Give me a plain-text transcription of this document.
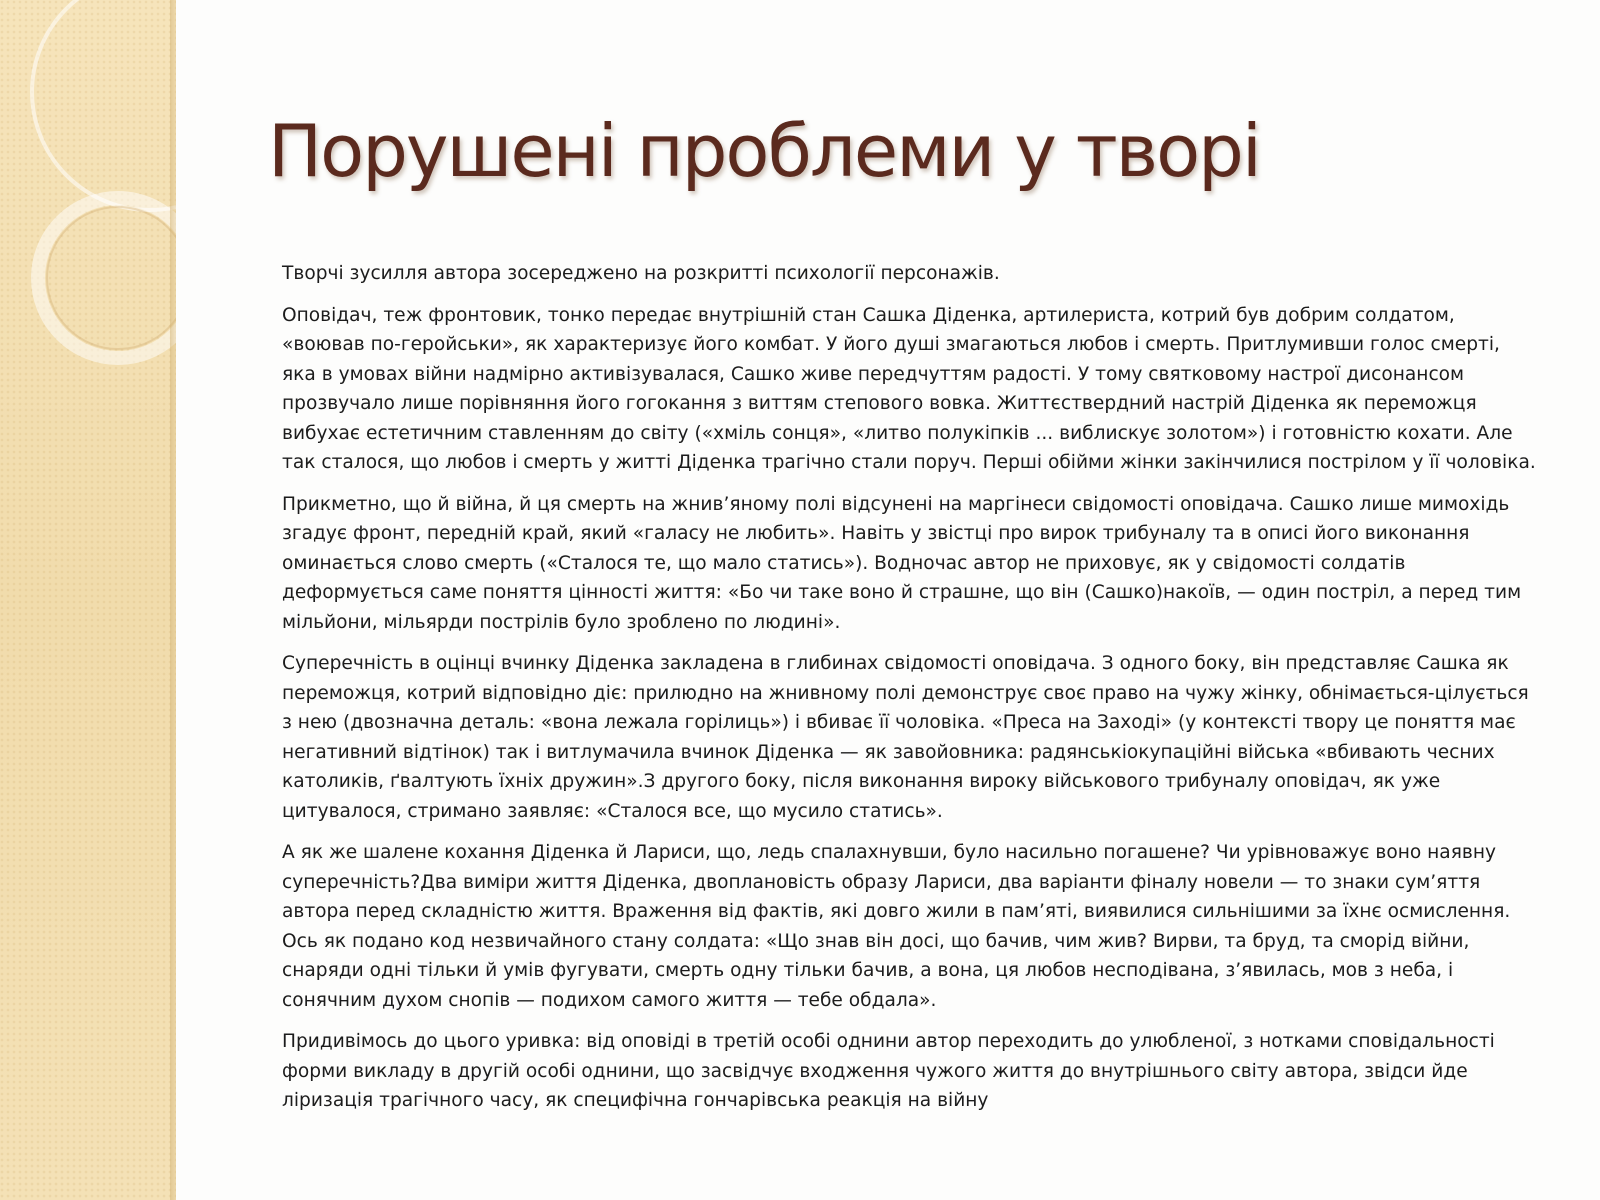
Порушені проблеми у творі

Творчі зусилля автора зосереджено на розкритті психології персонажів.

Оповідач, теж фронтовик, тонко передає внутрішній стан Сашка Діденка, артилериста, котрий був добрим солдатом, «воював по-геройськи», як характеризує його комбат. У його душі змагаються любов і смерть. Притлумивши голос смерті, яка в умовах війни надмірно активізувалася, Сашко живе передчуттям радості. У тому святковому настрої дисонансом прозвучало лише порівняння його гогокання з виттям степового вовка. Життєствердний настрій Діденка як переможця вибухає естетичним ставленням до світу («хміль сонця», «литво полукіпків ... виблискує золотом») і готовністю кохати. Але так сталося, що любов і смерть у житті Діденка трагічно стали поруч. Перші обійми жінки закінчилися пострілом у її чоловіка.

Прикметно, що й війна, й ця смерть на жнив’яному полі відсунені на маргінеси свідомості оповідача. Сашко лише мимохідь згадує фронт, передній край, який «галасу не любить». Навіть у звістці про вирок трибуналу та в описі його виконання оминається слово смерть («Сталося те, що мало статись»). Водночас автор не приховує, як у свідомості солдатів деформується саме поняття цінності життя: «Бо чи таке воно й страшне, що він (Сашко)накоїв, — один постріл, а перед тим мільйони, мільярди пострілів було зроблено по людині».

Суперечність в оцінці вчинку Діденка закладена в глибинах свідомості оповідача. З одного боку, він представляє Сашка як переможця, котрий відповідно діє: прилюдно на жнивному полі демонструє своє право на чужу жінку, обнімається-цілується з нею (двозначна деталь: «вона лежала горілиць») і вбиває її чоловіка. «Преса на Заході» (у контексті твору це поняття має негативний відтінок) так і витлумачила вчинок Діденка — як завойовника: радянськіокупаційні війська «вбивають чесних католиків, ґвалтують їхніх дружин».З другого боку, після виконання вироку військового трибуналу оповідач, як уже цитувалося, стримано заявляє: «Сталося все, що мусило статись».

А як же шалене кохання Діденка й Лариси, що, ледь спалахнувши, було насильно погашене? Чи урівноважує воно наявну суперечність?Два виміри життя Діденка, двоплановість образу Лариси, два варіанти фіналу новели — то знаки сум’яття автора перед складністю життя. Враження від фактів, які довго жили в пам’яті, виявилися сильнішими за їхнє осмислення. Ось як подано код незвичайного стану солдата: «Що знав він досі, що бачив, чим жив? Вирви, та бруд, та сморід війни, снаряди одні тільки й умів фугувати, смерть одну тільки бачив, а вона, ця любов несподівана, з’явилась, мов з неба, і сонячним духом снопів — подихом самого життя — тебе обдала».

Придивімось до цього уривка: від оповіді в третій особі однини автор переходить до улюбленої, з нотками сповідальності форми викладу в другій особі однини, що засвідчує входження чужого життя до внутрішнього світу автора, звідси йде ліризація трагічного часу, як специфічна гончарівська реакція на війну
